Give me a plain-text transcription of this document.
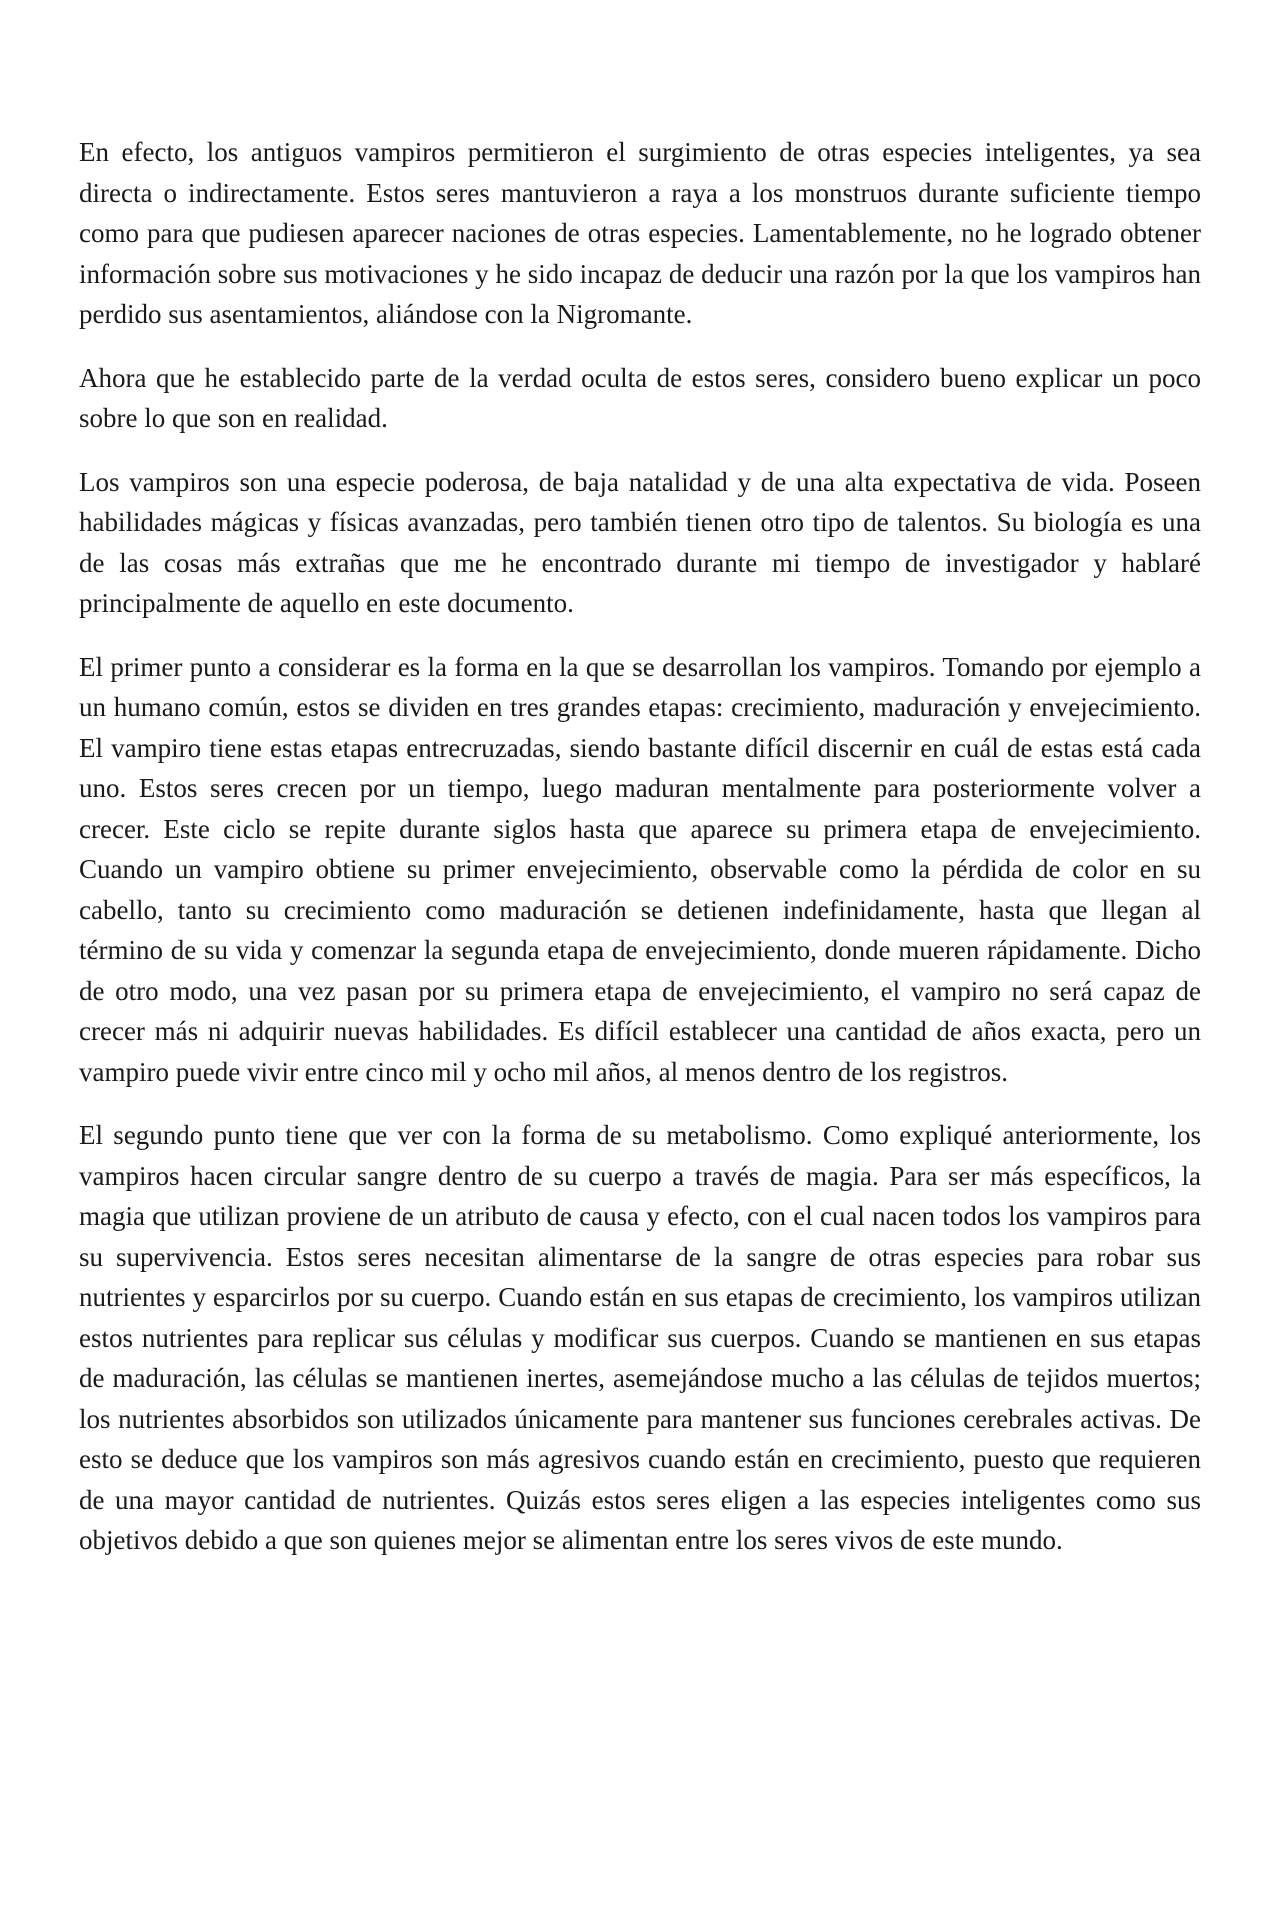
En efecto, los antiguos vampiros permitieron el surgimiento de otras especies inteligentes, ya sea directa o indirectamente. Estos seres mantuvieron a raya a los monstruos durante suficiente tiempo como para que pudiesen aparecer naciones de otras especies. Lamentablemente, no he logrado obtener información sobre sus motivaciones y he sido incapaz de deducir una razón por la que los vampiros han perdido sus asentamientos, aliándose con la Nigromante.

Ahora que he establecido parte de la verdad oculta de estos seres, considero bueno explicar un poco sobre lo que son en realidad.

Los vampiros son una especie poderosa, de baja natalidad y de una alta expectativa de vida. Poseen habilidades mágicas y físicas avanzadas, pero también tienen otro tipo de talentos. Su biología es una de las cosas más extrañas que me he encontrado durante mi tiempo de investigador y hablaré principalmente de aquello en este documento.

El primer punto a considerar es la forma en la que se desarrollan los vampiros. Tomando por ejemplo a un humano común, estos se dividen en tres grandes etapas: crecimiento, maduración y envejecimiento. El vampiro tiene estas etapas entrecruzadas, siendo bastante difícil discernir en cuál de estas está cada uno. Estos seres crecen por un tiempo, luego maduran mentalmente para posteriormente volver a crecer. Este ciclo se repite durante siglos hasta que aparece su primera etapa de envejecimiento. Cuando un vampiro obtiene su primer envejecimiento, observable como la pérdida de color en su cabello, tanto su crecimiento como maduración se detienen indefinidamente, hasta que llegan al término de su vida y comenzar la segunda etapa de envejecimiento, donde mueren rápidamente. Dicho de otro modo, una vez pasan por su primera etapa de envejecimiento, el vampiro no será capaz de crecer más ni adquirir nuevas habilidades. Es difícil establecer una cantidad de años exacta, pero un vampiro puede vivir entre cinco mil y ocho mil años, al menos dentro de los registros.

El segundo punto tiene que ver con la forma de su metabolismo. Como expliqué anteriormente, los vampiros hacen circular sangre dentro de su cuerpo a través de magia. Para ser más específicos, la magia que utilizan proviene de un atributo de causa y efecto, con el cual nacen todos los vampiros para su supervivencia. Estos seres necesitan alimentarse de la sangre de otras especies para robar sus nutrientes y esparcirlos por su cuerpo. Cuando están en sus etapas de crecimiento, los vampiros utilizan estos nutrientes para replicar sus células y modificar sus cuerpos. Cuando se mantienen en sus etapas de maduración, las células se mantienen inertes, asemejándose mucho a las células de tejidos muertos; los nutrientes absorbidos son utilizados únicamente para mantener sus funciones cerebrales activas. De esto se deduce que los vampiros son más agresivos cuando están en crecimiento, puesto que requieren de una mayor cantidad de nutrientes. Quizás estos seres eligen a las especies inteligentes como sus objetivos debido a que son quienes mejor se alimentan entre los seres vivos de este mundo.
